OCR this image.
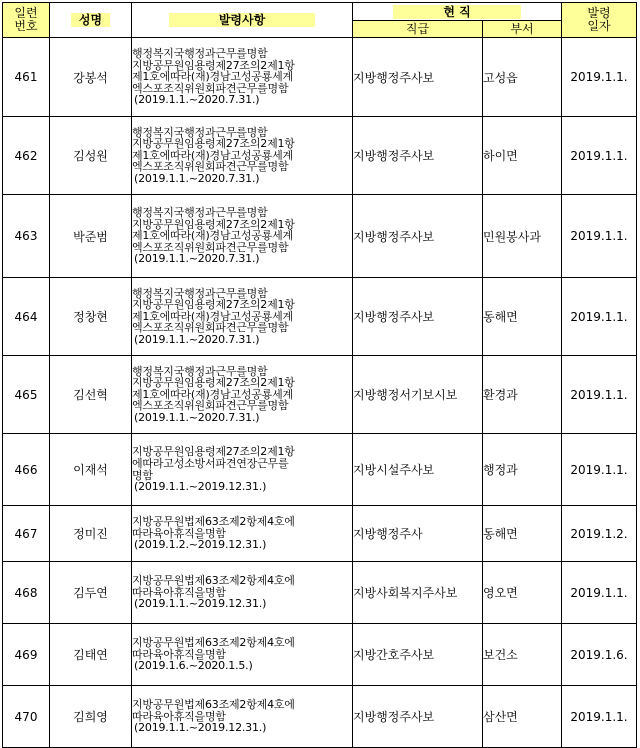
일련
번호	성명	발령사항	현 직		발령
일자

			직급	부서	
461	강봉석	행정복지국행정과근무를명함
지방공무원임용령제27조의2제1항
제1호에따라(재)경남고성공룡세계
엑스포조직위원회파견근무를명함
(2019.1.1.~2020.7.31.)	지방행정주사보	고성읍	2019.1.1.
462	김성원	행정복지국행정과근무를명함
지방공무원임용령제27조의2제1항
제1호에따라(재)경남고성공룡세계
엑스포조직위원회파견근무를명함
(2019.1.1.~2020.7.31.)	지방행정주사보	하이면	2019.1.1.
463	박준범	행정복지국행정과근무를명함
지방공무원임용령제27조의2제1항
제1호에따라(재)경남고성공룡세계
엑스포조직위원회파견근무를명함
(2019.1.1.~2020.7.31.)	지방행정주사보	민원봉사과	2019.1.1.
464	정창현	행정복지국행정과근무를명함
지방공무원임용령제27조의2제1항
제1호에따라(재)경남고성공룡세계
엑스포조직위원회파견근무를명함
(2019.1.1.~2020.7.31.)	지방행정주사보	동해면	2019.1.1.
465	김선혁	행정복지국행정과근무를명함
지방공무원임용령제27조의2제1항
제1호에따라(재)경남고성공룡세계
엑스포조직위원회파견근무를명함
(2019.1.1.~2020.7.31.)	지방행정서기보시보	환경과	2019.1.1.
466	이재석	지방공무원임용령제27조의2제1항
에따라고성소방서파견연장근무를
명함
(2019.1.1.~2019.12.31.)	지방시설주사보	행정과	2019.1.1.
467	정미진	지방공무원법제63조제2항제4호에
따라육아휴직을명함
(2019.1.2.~2019.12.31.)	지방행정주사	동해면	2019.1.2.
468	김두연	지방공무원법제63조제2항제4호에
따라육아휴직을명함
(2019.1.1.~2019.12.31.)	지방사회복지주사보	영오면	2019.1.1.
469	김태연	지방공무원법제63조제2항제4호에
따라육아휴직을명함
(2019.1.6.~2020.1.5.)	지방간호주사보	보건소	2019.1.6.
470	김희영	지방공무원법제63조제2항제4호에
따라육아휴직을명함
(2019.1.1.~2019.12.31.)	지방행정주사보	삼산면	2019.1.1.
